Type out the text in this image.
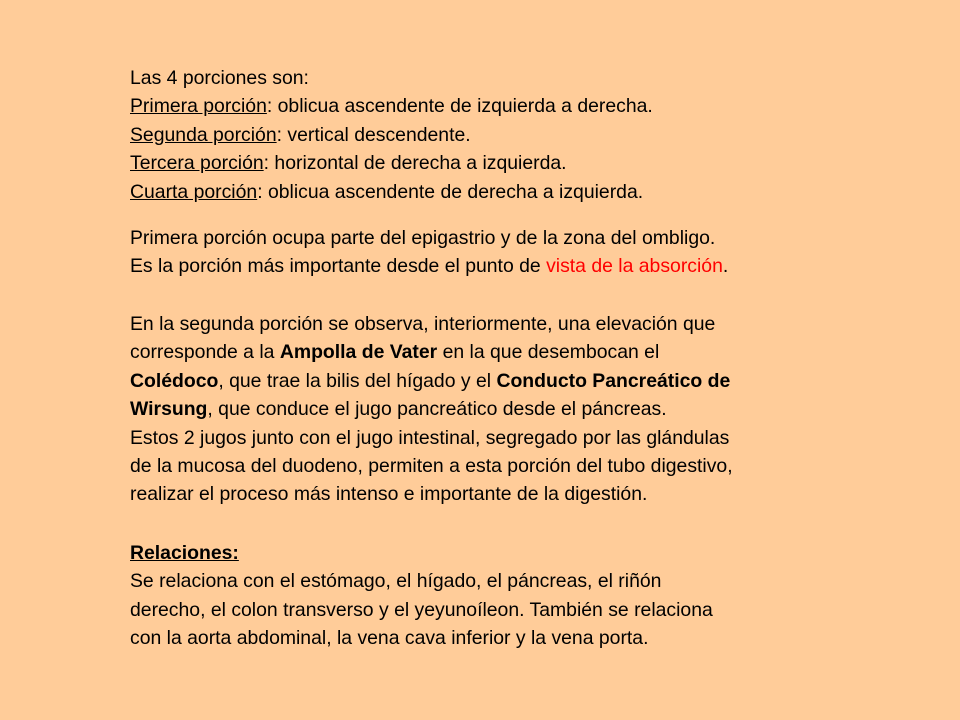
Las 4 porciones son:

Primera porción: oblicua ascendente de izquierda a derecha.

Segunda porción: vertical descendente.

Tercera porción: horizontal de derecha a izquierda.

Cuarta porción: oblicua ascendente de derecha a izquierda.

Primera porción ocupa parte del epigastrio y de la zona del ombligo.

Es la porción más importante desde el punto de vista de la absorción.

En la segunda porción se observa, interiormente, una elevación que

corresponde a la Ampolla de Vater en la que desembocan el

Colédoco, que trae la bilis del hígado y el Conducto Pancreático de

Wirsung, que conduce el jugo pancreático desde el páncreas.

Estos 2 jugos junto con el jugo intestinal, segregado por las glándulas

de la mucosa del duodeno, permiten a esta porción del tubo digestivo,

realizar el proceso más intenso e importante de la digestión.

Relaciones:

Se relaciona con el estómago, el hígado, el páncreas, el riñón

derecho, el colon transverso y el yeyunoíleon. También se relaciona

con la aorta abdominal, la vena cava inferior y la vena porta.
